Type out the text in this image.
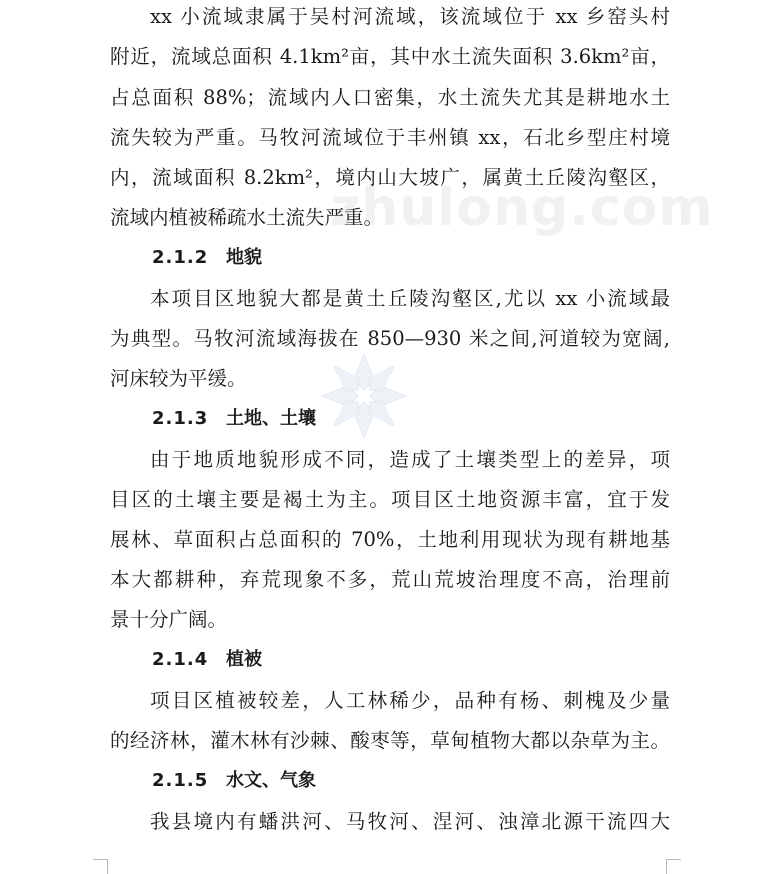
zhulong.com
xx 小流域隶属于吴村河流域，该流域位于 xx 乡窑头村
附近，流域总面积 4.1km²亩，其中水土流失面积 3.6km²亩，
占总面积 88%；流域内人口密集，水土流失尤其是耕地水土
流失较为严重。马牧河流域位于丰州镇 xx，石北乡型庄村境
内，流域面积 8.2km²，境内山大坡广，属黄土丘陵沟壑区，
流域内植被稀疏水土流失严重。
2.1.2 地貌
本项目区地貌大都是黄土丘陵沟壑区,尤以 xx 小流域最
为典型。马牧河流域海拔在 850—930 米之间,河道较为宽阔,
河床较为平缓。
2.1.3 土地、土壤
由于地质地貌形成不同，造成了土壤类型上的差异，项
目区的土壤主要是褐土为主。项目区土地资源丰富，宜于发
展林、草面积占总面积的 70%，土地利用现状为现有耕地基
本大都耕种，弃荒现象不多，荒山荒坡治理度不高，治理前
景十分广阔。
2.1.4 植被
项目区植被较差，人工林稀少，品种有杨、刺槐及少量
的经济林，灌木林有沙棘、酸枣等，草甸植物大都以杂草为主。
2.1.5 水文、气象
我县境内有蟠洪河、马牧河、涅河、浊漳北源干流四大
